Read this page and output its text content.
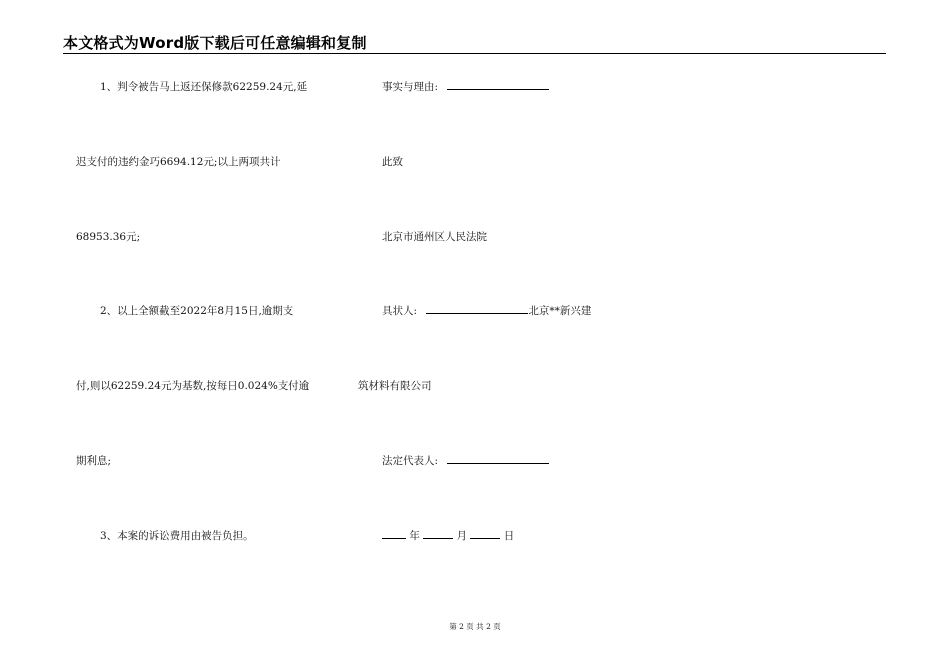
本文格式为Word版下载后可任意编辑和复制
1、判令被告马上返还保修款62259.24元,延
迟支付的违约金巧6694.12元;以上两项共计
68953.36元;
2、以上全额截至2022年8月15日,逾期支
付,则以62259.24元为基数,按每日0.024%支付逾
期利息;
3、本案的诉讼费用由被告负担。
事实与理由:
此致
北京市通州区人民法院
具状人:	北京**新兴建
筑材料有限公司
法定代表人:
年	月	日
第 2 页 共 2 页
